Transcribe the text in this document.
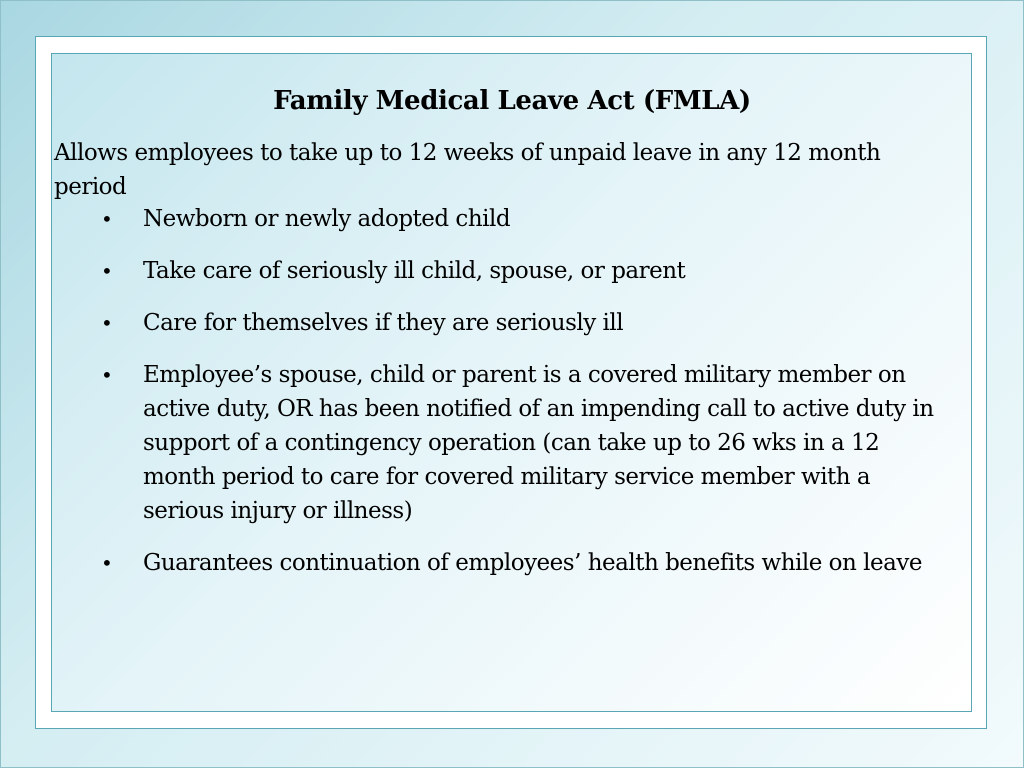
Family Medical Leave Act (FMLA)

Allows employees to take up to 12 weeks of unpaid leave in any 12 month period

•	Newborn or newly adopted child
•	Take care of seriously ill child, spouse, or parent
•	Care for themselves if they are seriously ill
•	Employee’s spouse, child or parent is a covered military member on active duty, OR has been notified of an impending call to active duty in support of a contingency operation (can take up to 26 wks in a 12 month period to care for covered military service member with a serious injury or illness)
•	Guarantees continuation of employees’ health benefits while on leave
